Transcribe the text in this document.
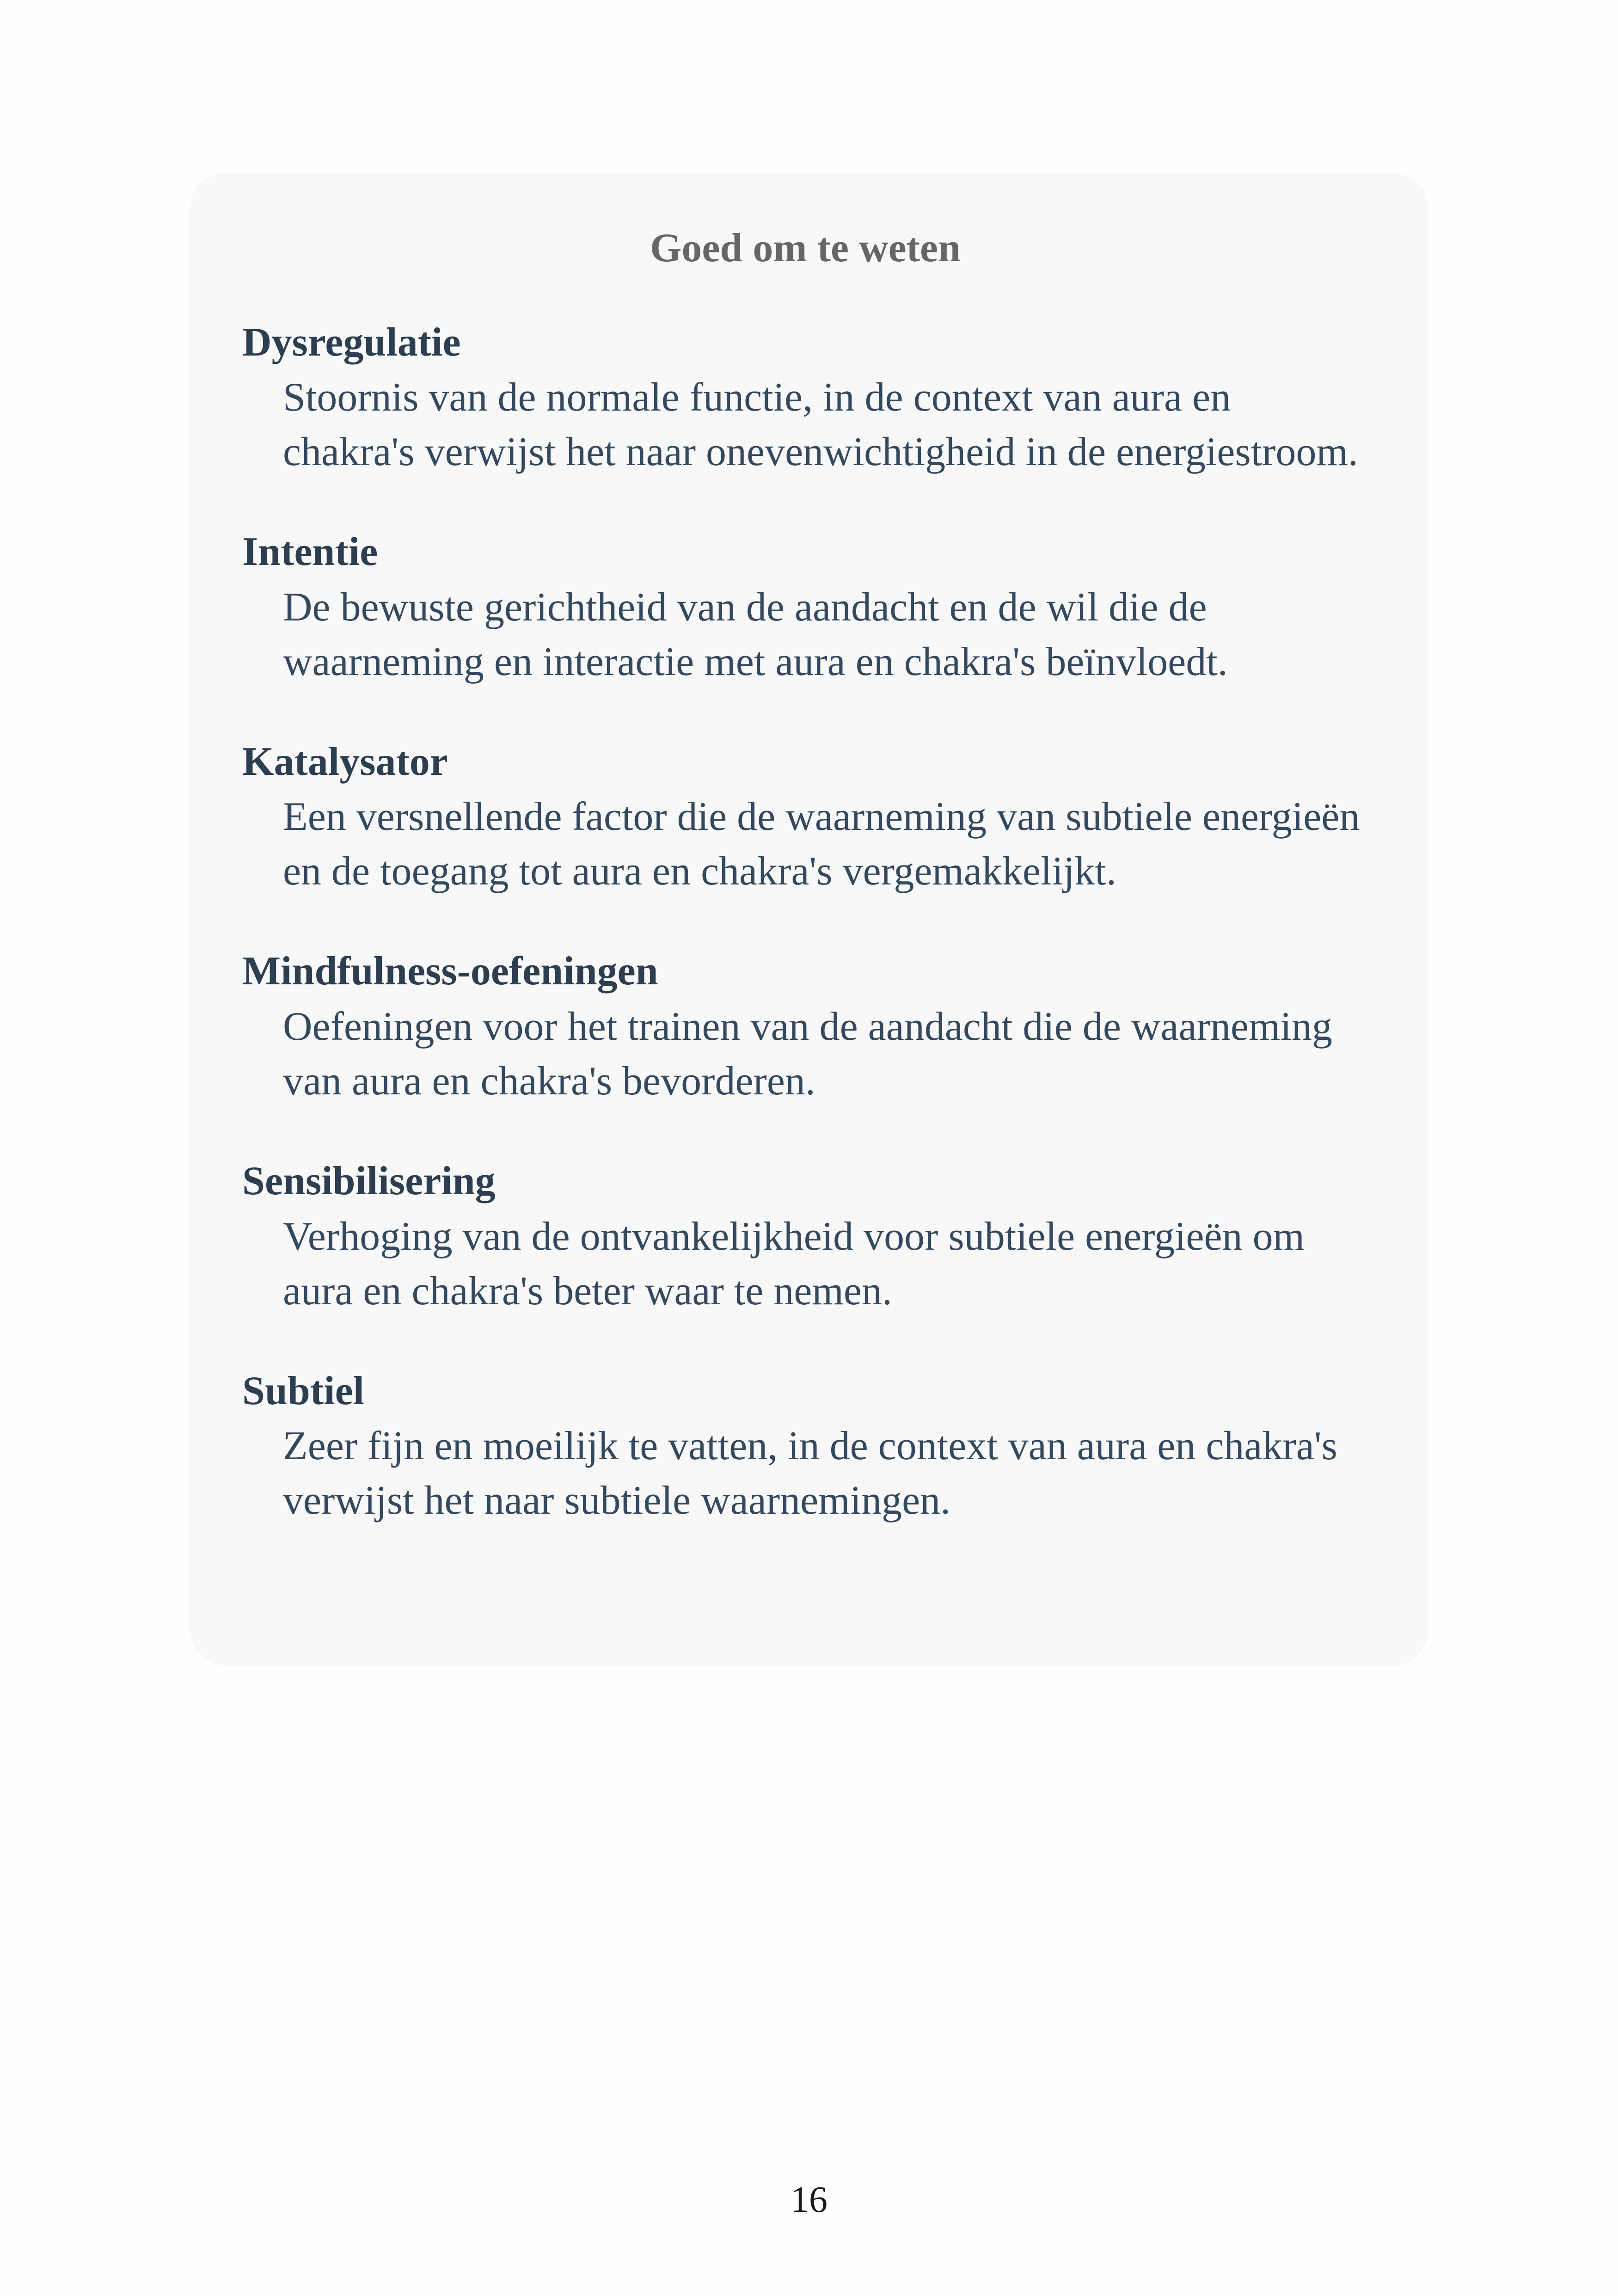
Goed om te weten
Dysregulatie
Stoornis van de normale functie, in de context van aura en chakra's verwijst het naar onevenwichtigheid in de energiestroom.
Intentie
De bewuste gerichtheid van de aandacht en de wil die de waarneming en interactie met aura en chakra's beïnvloedt.
Katalysator
Een versnellende factor die de waarneming van subtiele energieën en de toegang tot aura en chakra's vergemakkelijkt.
Mindfulness-oefeningen
Oefeningen voor het trainen van de aandacht die de waarneming van aura en chakra's bevorderen.
Sensibilisering
Verhoging van de ontvankelijkheid voor subtiele energieën om aura en chakra's beter waar te nemen.
Subtiel
Zeer fijn en moeilijk te vatten, in de context van aura en chakra's verwijst het naar subtiele waarnemingen.
16
